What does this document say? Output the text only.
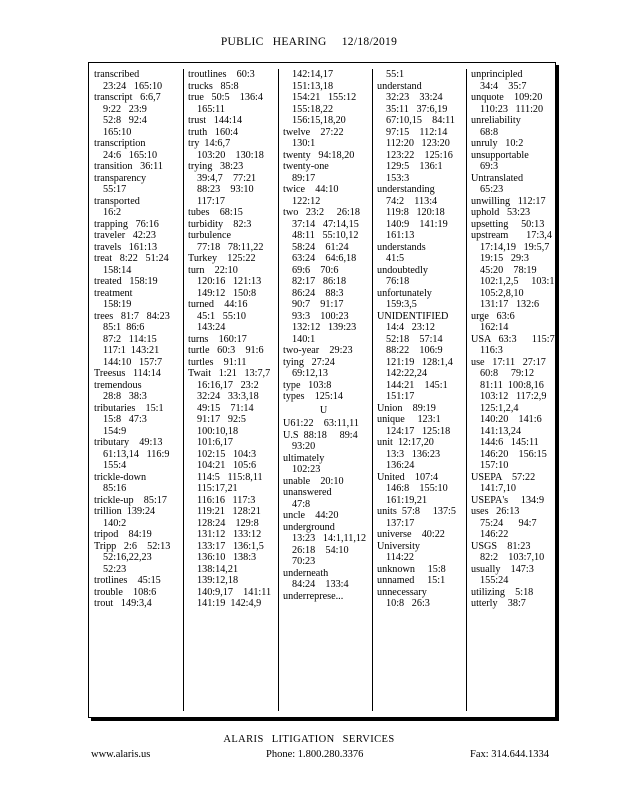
PUBLIC HEARING 12/18/2019
transcribed
23:24   165:10
transcript   6:6,7
9:22   23:9
52:8   92:4
165:10
transcription
24:6   165:10
transition   36:11
transparency
55:17
transported
16:2
trapping   76:16
traveler   42:23
travels   161:13
treat   8:22   51:24
158:14
treated   158:19
treatment
158:19
trees   81:7   84:23
85:1  86:6
87:2   114:15
117:1  143:21
144:10   157:7
Treesus   114:14
tremendous
28:8   38:3
tributaries    15:1
15:8   47:3
154:9
tributary    49:13
61:13,14   116:9
155:4
trickle-down
85:16
trickle-up    85:17
trillion  139:24
140:2
tripod    84:19
Tripp   2:6    52:13
52:16,22,23
52:23
trotlines    45:15
trouble    108:6
trout   149:3,4
troutlines    60:3
trucks   85:8
true   50:5    136:4
165:11
trust   144:14
truth   160:4
try  14:6,7
103:20    130:18
trying   38:23
39:4,7    77:21
88:23    93:10
117:17
tubes    68:15
turbidity    82:3
turbulence
77:18   78:11,22
Turkey    125:22
turn    22:10
120:16   121:13
149:12   150:8
turned    44:16
45:1   55:10
143:24
turns    160:17
turtle   60:3    91:6
turtles    91:11
Twait   1:21   13:7,7
16:16,17   23:2
32:24   33:3,18
49:15    71:14
91:17   92:5
100:10,18
101:6,17
102:15   104:3
104:21   105:6
114:5   115:8,11
115:17,21
116:16   117:3
119:21   128:21
128:24    129:8
131:12   133:12
133:17   136:1,5
136:10   138:3
138:14,21
139:12,18
140:9,17    141:11
141:19  142:4,9
142:14,17
151:13,18
154:21   155:12
155:18,22
156:15,18,20
twelve    27:22
130:1
twenty   94:18,20
twenty-one
89:17
twice    44:10
122:12
two   23:2     26:18
37:14   47:14,15
48:11   55:10,12
58:24    61:24
63:24    64:6,18
69:6    70:6
82:17   86:18
86:24    88:3
90:7    91:17
93:3    100:23
132:12   139:23
140:1
two-year    29:23
tying   27:24
69:12,13
type   103:8
types    125:14
U
U61:22    63:11,11
U.S  88:18     89:4
93:20
ultimately
102:23
unable    20:10
unanswered
47:8
uncle    44:20
underground
13:23   14:1,11,12
26:18    54:10
70:23
underneath
84:24    133:4
underreprese...
55:1
understand
32:23    33:24
35:11   37:6,19
67:10,15    84:11
97:15    112:14
112:20   123:20
123:22    125:16
129:5    136:1
153:3
understanding
74:2    113:4
119:8   120:18
140:9    141:19
161:13
understands
41:5
undoubtedly
76:18
unfortunately
159:3,5
UNIDENTIFIED
14:4   23:12
52:18    57:14
88:22    106:9
121:19   128:1,4
142:22,24
144:21    145:1
151:17
Union    89:19
unique     123:1
124:17   125:18
unit  12:17,20
13:3   136:23
136:24
United    107:4
146:8    155:10
161:19,21
units  57:8     137:5
137:17
universe    40:22
University
114:22
unknown     15:8
unnamed     15:1
unnecessary
10:8   26:3
unprincipled
34:4    35:7
unquote    109:20
110:23   111:20
unreliability
68:8
unruly   10:2
unsupportable
69:3
Untranslated
65:23
unwilling   112:17
uphold   53:23
upsetting     50:13
upstream       17:3,4
17:14,19   19:5,7
19:15   29:3
45:20    78:19
102:1,2,5     103:1
105:2,8,10
131:17   132:6
urge   63:6
162:14
USA   63:3      115:7
116:3
use   17:11   27:17
60:8     79:12
81:11  100:8,16
103:12   117:2,9
125:1,2,4
140:20    141:6
141:13,24
144:6   145:11
146:20    156:15
157:10
USEPA    57:22
141:7,10
USEPA's     134:9
uses   26:13
75:24      94:7
146:22
USGS    81:23
82:2    103:7,10
usually    147:3
155:24
utilizing    5:18
utterly    38:7
ALARIS LITIGATION SERVICES
www.alaris.us	Phone: 1.800.280.3376	Fax: 314.644.1334
